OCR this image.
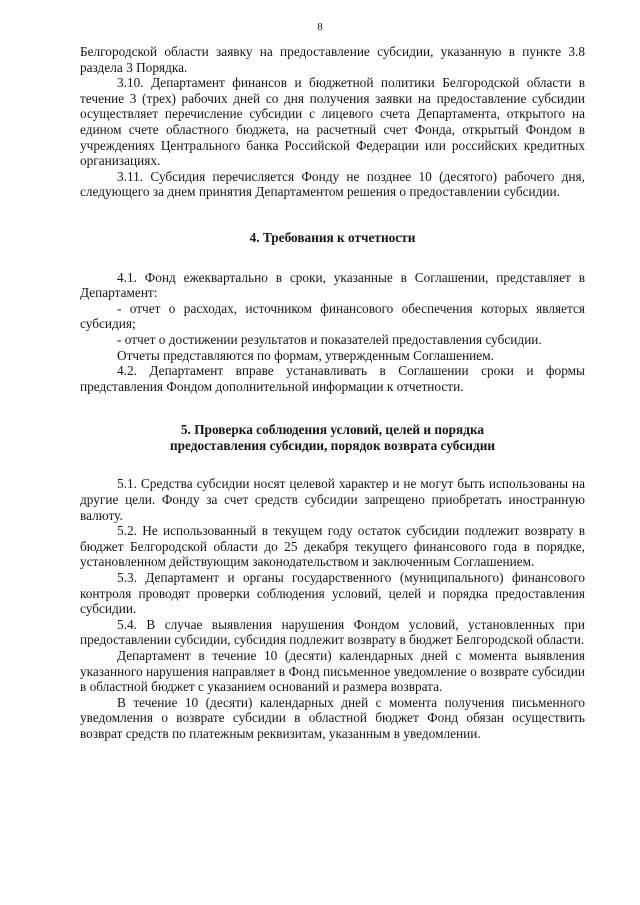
8

Белгородской области заявку на предоставление субсидии, указанную в пункте 3.8 раздела 3 Порядка.

3.10. Департамент финансов и бюджетной политики Белгородской области в течение 3 (трех) рабочих дней со дня получения заявки на предоставление субсидии осуществляет перечисление субсидии с лицевого счета Департамента, открытого на едином счете областного бюджета, на расчетный счет Фонда, открытый Фондом в учреждениях Центрального банка Российской Федерации или российских кредитных организациях.

3.11. Субсидия перечисляется Фонду не позднее 10 (десятого) рабочего дня, следующего за днем принятия Департаментом решения о предоставлении субсидии.

4. Требования к отчетности

4.1. Фонд ежеквартально в сроки, указанные в Соглашении, представляет в Департамент:

- отчет о расходах, источником финансового обеспечения которых является субсидия;

- отчет о достижении результатов и показателей предоставления субсидии.

Отчеты представляются по формам, утвержденным Соглашением.

4.2. Департамент вправе устанавливать в Соглашении сроки и формы представления Фондом дополнительной информации к отчетности.

5. Проверка соблюдения условий, целей и порядка

предоставления субсидии, порядок возврата субсидии

5.1. Средства субсидии носят целевой характер и не могут быть использованы на другие цели. Фонду за счет средств субсидии запрещено приобретать иностранную валюту.

5.2. Не использованный в текущем году остаток субсидии подлежит возврату в бюджет Белгородской области до 25 декабря текущего финансового года в порядке, установленном действующим законодательством и заключенным Соглашением.

5.3. Департамент и органы государственного (муниципального) финансового контроля проводят проверки соблюдения условий, целей и порядка предоставления субсидии.

5.4. В случае выявления нарушения Фондом условий, установленных при предоставлении субсидии, субсидия подлежит возврату в бюджет Белгородской области.

Департамент в течение 10 (десяти) календарных дней с момента выявления указанного нарушения направляет в Фонд письменное уведомление о возврате субсидии в областной бюджет с указанием оснований и размера возврата.

В течение 10 (десяти) календарных дней с момента получения письменного уведомления о возврате субсидии в областной бюджет Фонд обязан осуществить возврат средств по платежным реквизитам, указанным в уведомлении.
